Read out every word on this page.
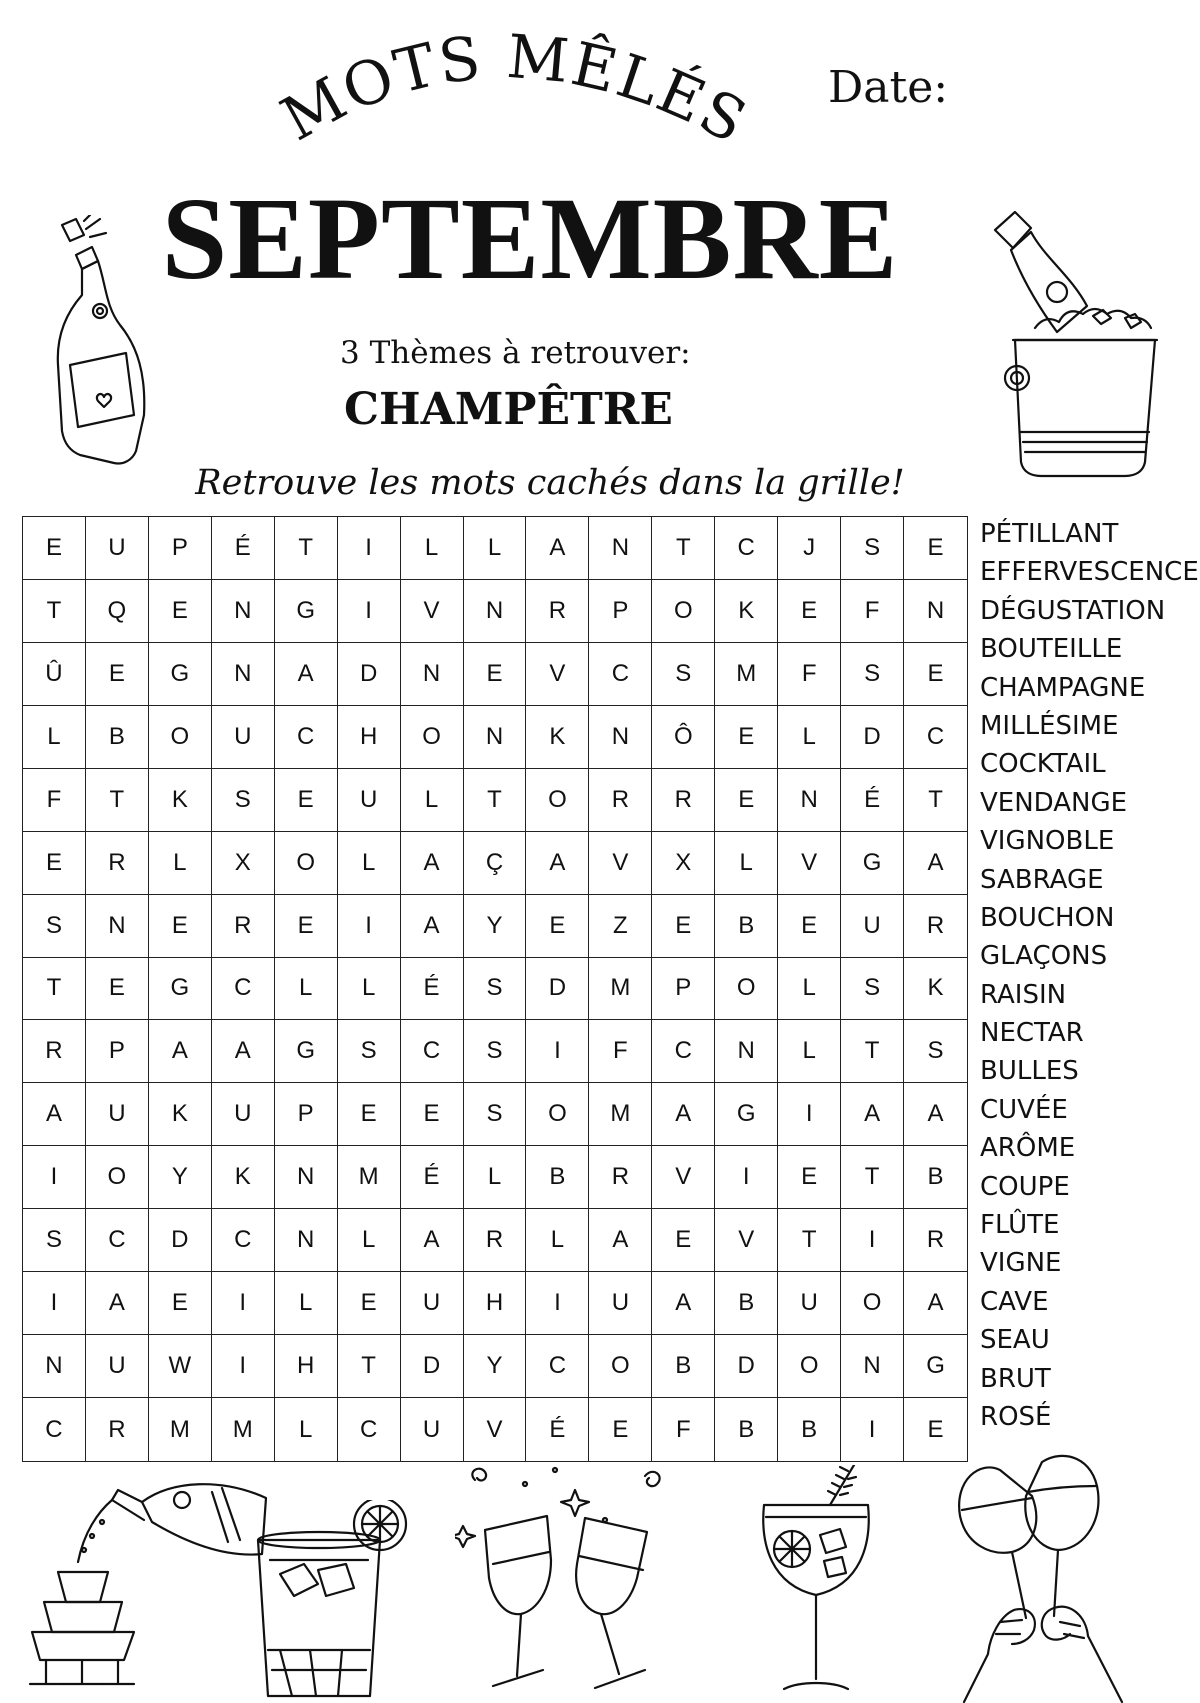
MOTS MÊLÉS Date:
SEPTEMBRE
3 Thèmes à retrouver:
CHAMPÊTRE
Retrouve les mots cachés dans la grille!
E	U	P	É	T	I	L	L	A	N	T	C	J	S	E
T	Q	E	N	G	I	V	N	R	P	O	K	E	F	N
Û	E	G	N	A	D	N	E	V	C	S	M	F	S	E
L	B	O	U	C	H	O	N	K	N	Ô	E	L	D	C
F	T	K	S	E	U	L	T	O	R	R	E	N	É	T
E	R	L	X	O	L	A	Ç	A	V	X	L	V	G	A
S	N	E	R	E	I	A	Y	E	Z	E	B	E	U	R
T	E	G	C	L	L	É	S	D	M	P	O	L	S	K
R	P	A	A	G	S	C	S	I	F	C	N	L	T	S
A	U	K	U	P	E	E	S	O	M	A	G	I	A	A
I	O	Y	K	N	M	É	L	B	R	V	I	E	T	B
S	C	D	C	N	L	A	R	L	A	E	V	T	I	R
I	A	E	I	L	E	U	H	I	U	A	B	U	O	A
N	U	W	I	H	T	D	Y	C	O	B	D	O	N	G
C	R	M	M	L	C	U	V	É	E	F	B	B	I	E
PÉTILLANT
EFFERVESCENCE
DÉGUSTATION
BOUTEILLE
CHAMPAGNE
MILLÉSIME
COCKTAIL
VENDANGE
VIGNOBLE
SABRAGE
BOUCHON
GLAÇONS
RAISIN
NECTAR
BULLES
CUVÉE
ARÔME
COUPE
FLÛTE
VIGNE
CAVE
SEAU
BRUT
ROSÉ
